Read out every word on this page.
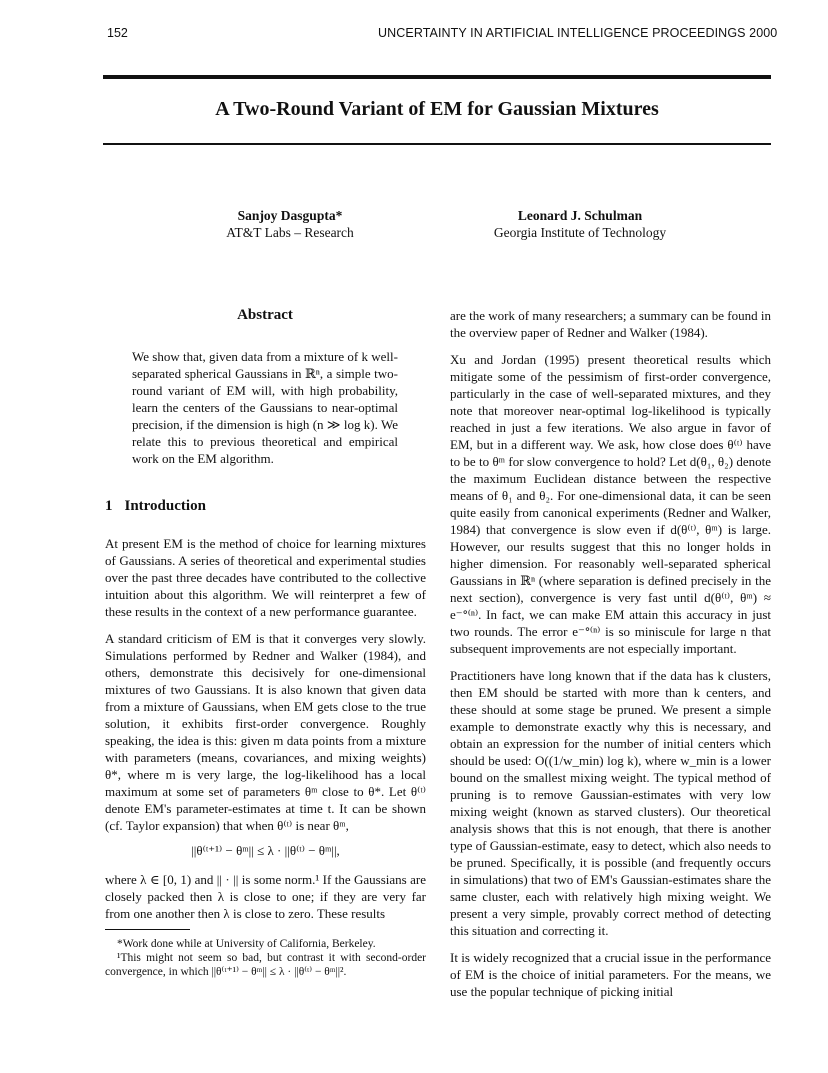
152	UNCERTAINTY IN ARTIFICIAL INTELLIGENCE PROCEEDINGS 2000
A Two-Round Variant of EM for Gaussian Mixtures
Sanjoy Dasgupta*
AT&T Labs – Research
Leonard J. Schulman
Georgia Institute of Technology
Abstract

We show that, given data from a mixture of k well-separated spherical Gaussians in ℝⁿ, a simple two-round variant of EM will, with high probability, learn the centers of the Gaussians to near-optimal precision, if the dimension is high (n ≫ log k). We relate this to previous theoretical and empirical work on the EM algorithm.

1 Introduction

At present EM is the method of choice for learning mixtures of Gaussians. A series of theoretical and experimental studies over the past three decades have contributed to the collective intuition about this algorithm. We will reinterpret a few of these results in the context of a new performance guarantee.

A standard criticism of EM is that it converges very slowly. Simulations performed by Redner and Walker (1984), and others, demonstrate this decisively for one-dimensional mixtures of two Gaussians. It is also known that given data from a mixture of Gaussians, when EM gets close to the true solution, it exhibits first-order convergence. Roughly speaking, the idea is this: given m data points from a mixture with parameters (means, covariances, and mixing weights) θ*, where m is very large, the log-likelihood has a local maximum at some set of parameters θᵐ close to θ*. Let θ⁽ᵗ⁾ denote EM's parameter-estimates at time t. It can be shown (cf. Taylor expansion) that when θ⁽ᵗ⁾ is near θᵐ,

||θ⁽ᵗ⁺¹⁾ − θᵐ|| ≤ λ · ||θ⁽ᵗ⁾ − θᵐ||,

where λ ∈ [0, 1) and || · || is some norm.¹ If the Gaussians are closely packed then λ is close to one; if they are very far from one another then λ is close to zero. These results

*Work done while at University of California, Berkeley.

¹This might not seem so bad, but contrast it with second-order convergence, in which ||θ⁽ᵗ⁺¹⁾ − θᵐ|| ≤ λ · ||θ⁽ᵗ⁾ − θᵐ||².

are the work of many researchers; a summary can be found in the overview paper of Redner and Walker (1984).

Xu and Jordan (1995) present theoretical results which mitigate some of the pessimism of first-order convergence, particularly in the case of well-separated mixtures, and they note that moreover near-optimal log-likelihood is typically reached in just a few iterations. We also argue in favor of EM, but in a different way. We ask, how close does θ⁽ᵗ⁾ have to be to θᵐ for slow convergence to hold? Let d(θ₁, θ₂) denote the maximum Euclidean distance between the respective means of θ₁ and θ₂. For one-dimensional data, it can be seen quite easily from canonical experiments (Redner and Walker, 1984) that convergence is slow even if d(θ⁽ᵗ⁾, θᵐ) is large. However, our results suggest that this no longer holds in higher dimension. For reasonably well-separated spherical Gaussians in ℝⁿ (where separation is defined precisely in the next section), convergence is very fast until d(θ⁽ᵗ⁾, θᵐ) ≈ e⁻ᐤ⁽ⁿ⁾. In fact, we can make EM attain this accuracy in just two rounds. The error e⁻ᐤ⁽ⁿ⁾ is so miniscule for large n that subsequent improvements are not especially important.

Practitioners have long known that if the data has k clusters, then EM should be started with more than k centers, and these should at some stage be pruned. We present a simple example to demonstrate exactly why this is necessary, and obtain an expression for the number of initial centers which should be used: O((1/w_min) log k), where w_min is a lower bound on the smallest mixing weight. The typical method of pruning is to remove Gaussian-estimates with very low mixing weight (known as starved clusters). Our theoretical analysis shows that this is not enough, that there is another type of Gaussian-estimate, easy to detect, which also needs to be pruned. Specifically, it is possible (and frequently occurs in simulations) that two of EM's Gaussian-estimates share the same cluster, each with relatively high mixing weight. We present a very simple, provably correct method of detecting this situation and correcting it.

It is widely recognized that a crucial issue in the performance of EM is the choice of initial parameters. For the means, we use the popular technique of picking initial
